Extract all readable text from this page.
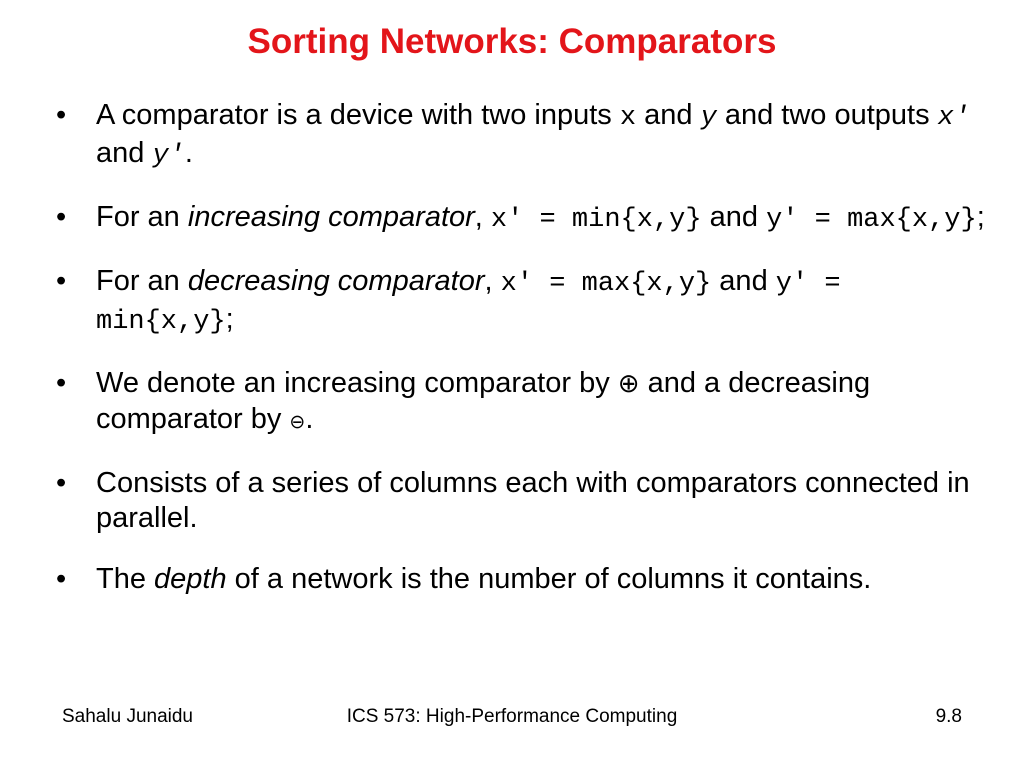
Sorting Networks: Comparators
• A comparator is a device with two inputs x and y and two outputs x' and y'.
• For an increasing comparator, x' = min{x,y} and y' = max{x,y};
• For an decreasing comparator, x' = max{x,y} and y' = min{x,y};
• We denote an increasing comparator by ⊕ and a decreasing comparator by ⊖.
• Consists of a series of columns each with comparators connected in parallel.
• The depth of a network is the number of columns it contains.
Sahalu Junaidu	ICS 573: High-Performance Computing	9.8
